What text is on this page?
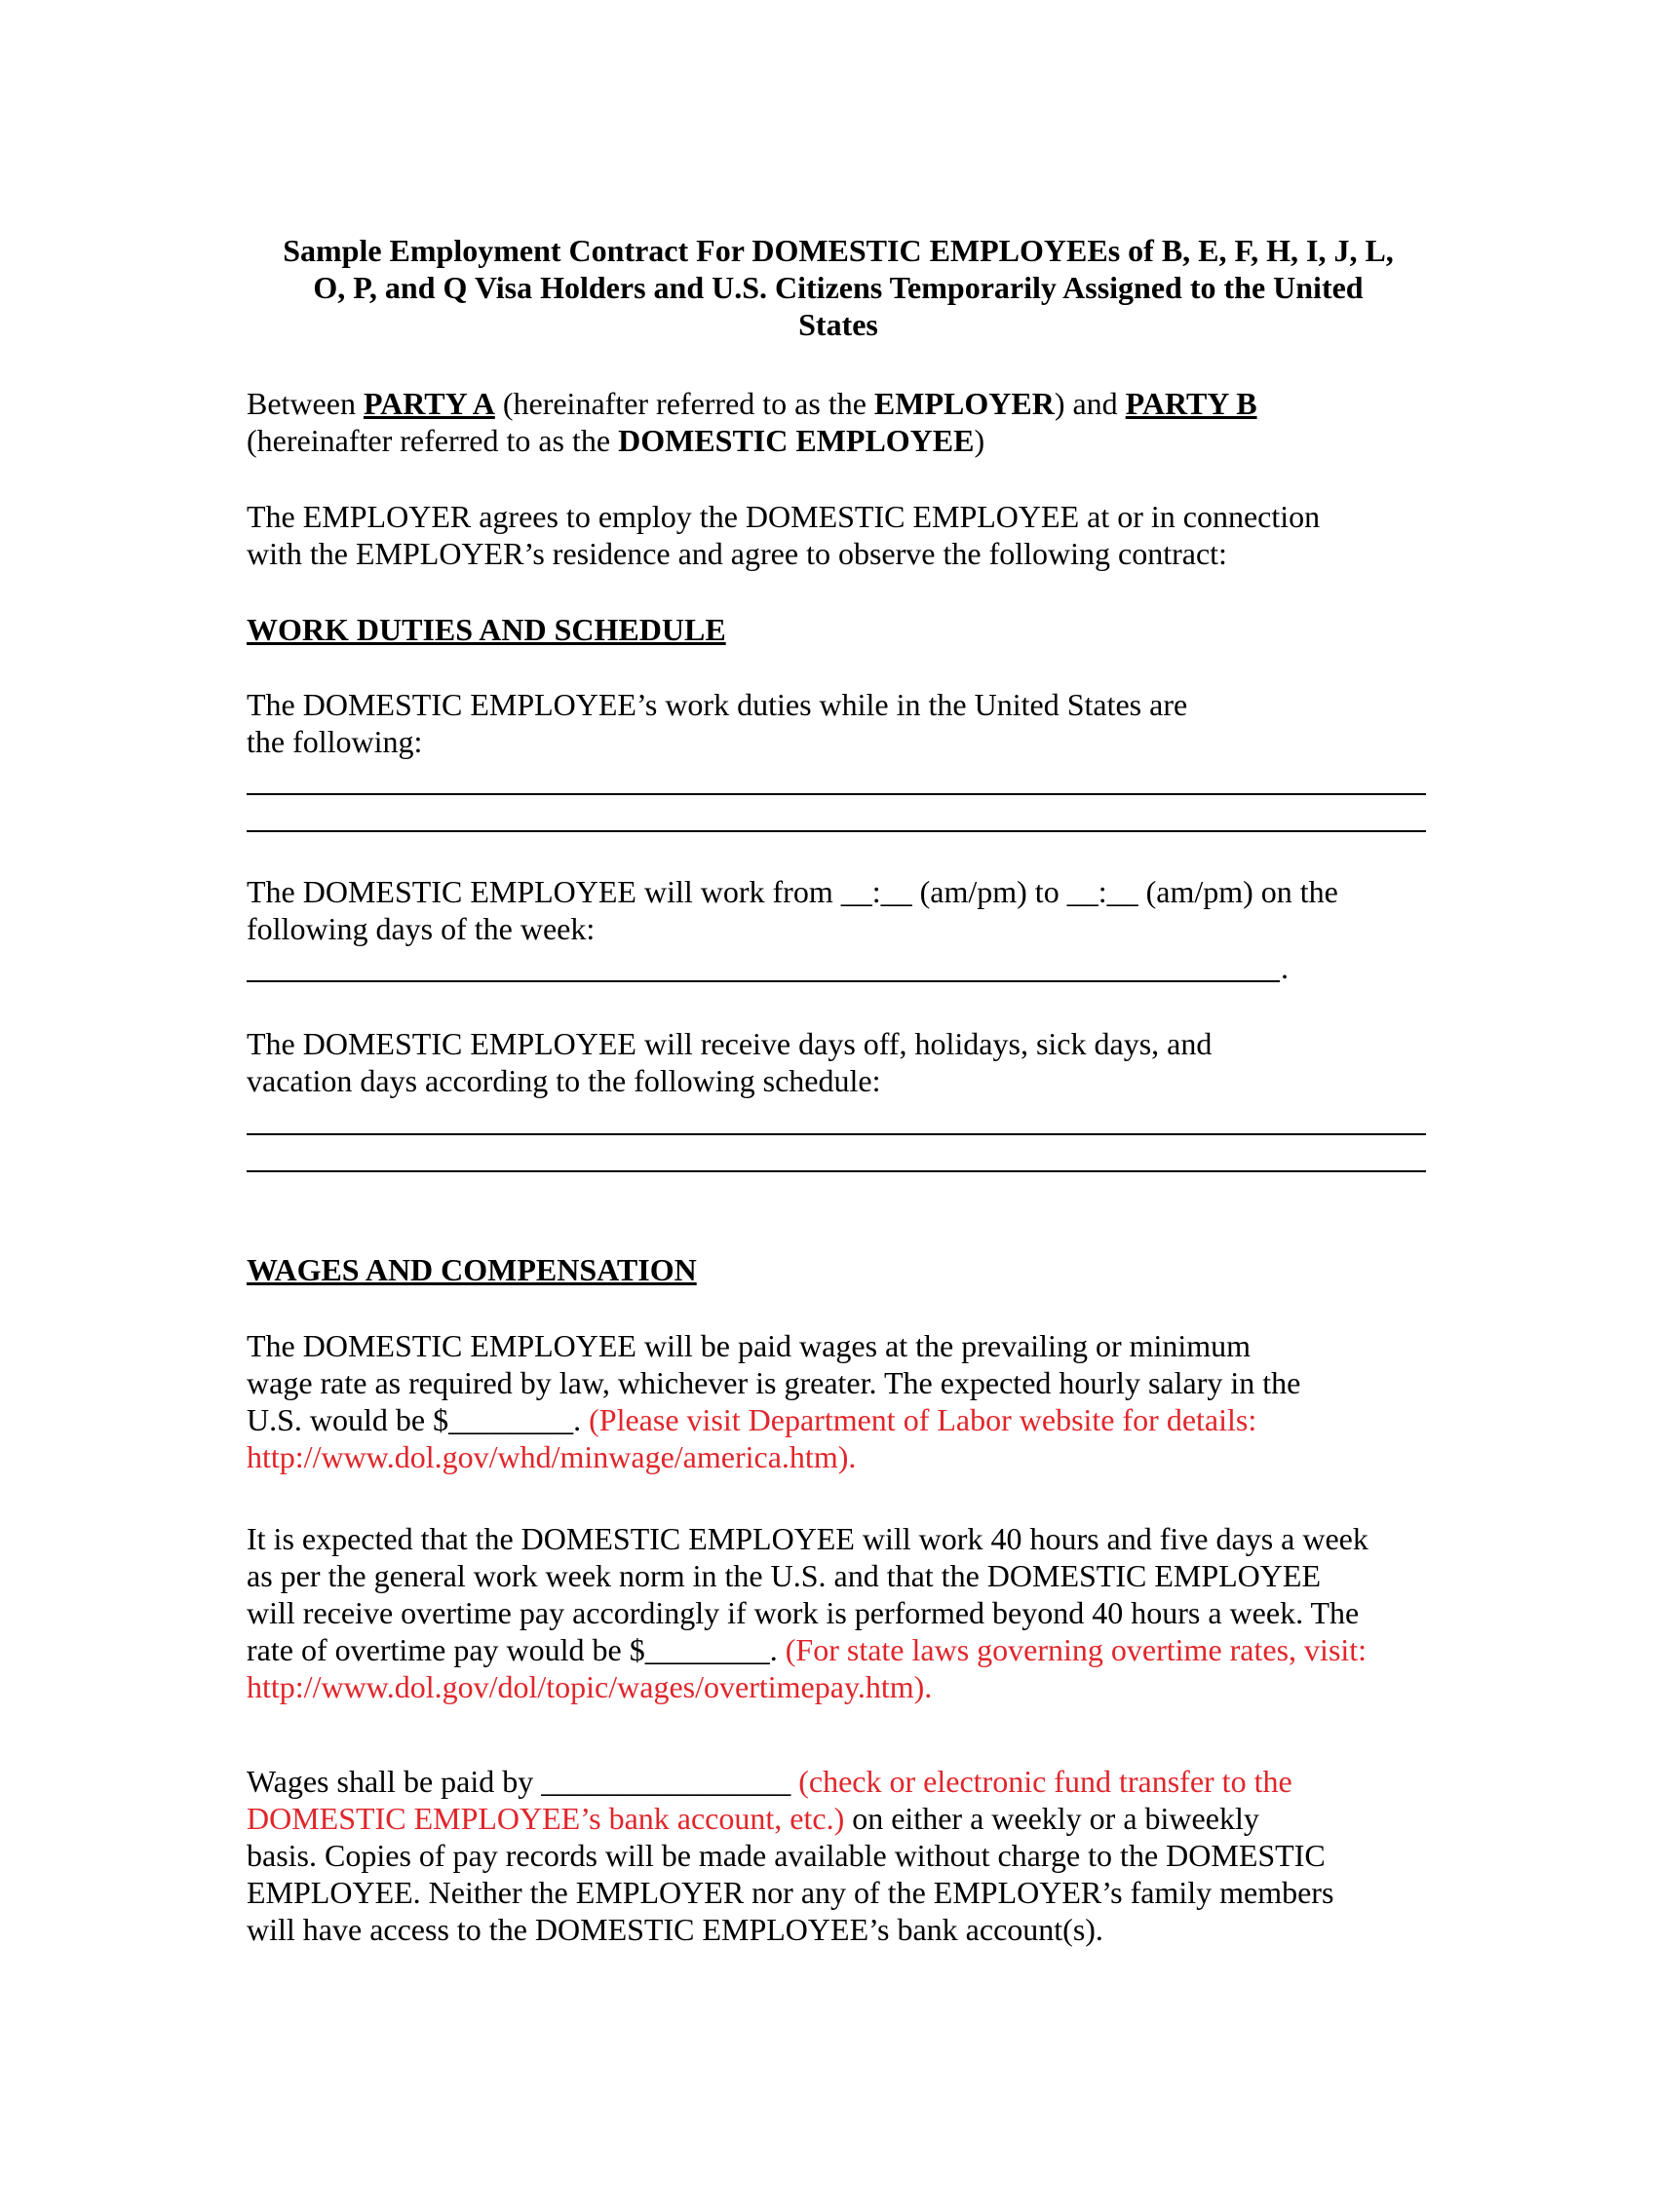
Sample Employment Contract For DOMESTIC EMPLOYEEs of B, E, F, H, I, J, L,
O, P, and Q Visa Holders and U.S. Citizens Temporarily Assigned to the United
States
Between PARTY A (hereinafter referred to as the EMPLOYER) and PARTY B
(hereinafter referred to as the DOMESTIC EMPLOYEE)
The EMPLOYER agrees to employ the DOMESTIC EMPLOYEE at or in connection
with the EMPLOYER’s residence and agree to observe the following contract:
WORK DUTIES AND SCHEDULE
The DOMESTIC EMPLOYEE’s work duties while in the United States are
the following:
The DOMESTIC EMPLOYEE will work from __:__ (am/pm) to __:__ (am/pm) on the
following days of the week:
.
The DOMESTIC EMPLOYEE will receive days off, holidays, sick days, and
vacation days according to the following schedule:
WAGES AND COMPENSATION
The DOMESTIC EMPLOYEE will be paid wages at the prevailing or minimum
wage rate as required by law, whichever is greater. The expected hourly salary in the
U.S. would be $________. (Please visit Department of Labor website for details:
http://www.dol.gov/whd/minwage/america.htm).
It is expected that the DOMESTIC EMPLOYEE will work 40 hours and five days a week
as per the general work week norm in the U.S. and that the DOMESTIC EMPLOYEE
will receive overtime pay accordingly if work is performed beyond 40 hours a week. The
rate of overtime pay would be $________. (For state laws governing overtime rates, visit:
http://www.dol.gov/dol/topic/wages/overtimepay.htm).
Wages shall be paid by ________________ (check or electronic fund transfer to the
DOMESTIC EMPLOYEE’s bank account, etc.) on either a weekly or a biweekly
basis. Copies of pay records will be made available without charge to the DOMESTIC
EMPLOYEE. Neither the EMPLOYER nor any of the EMPLOYER’s family members
will have access to the DOMESTIC EMPLOYEE’s bank account(s).
